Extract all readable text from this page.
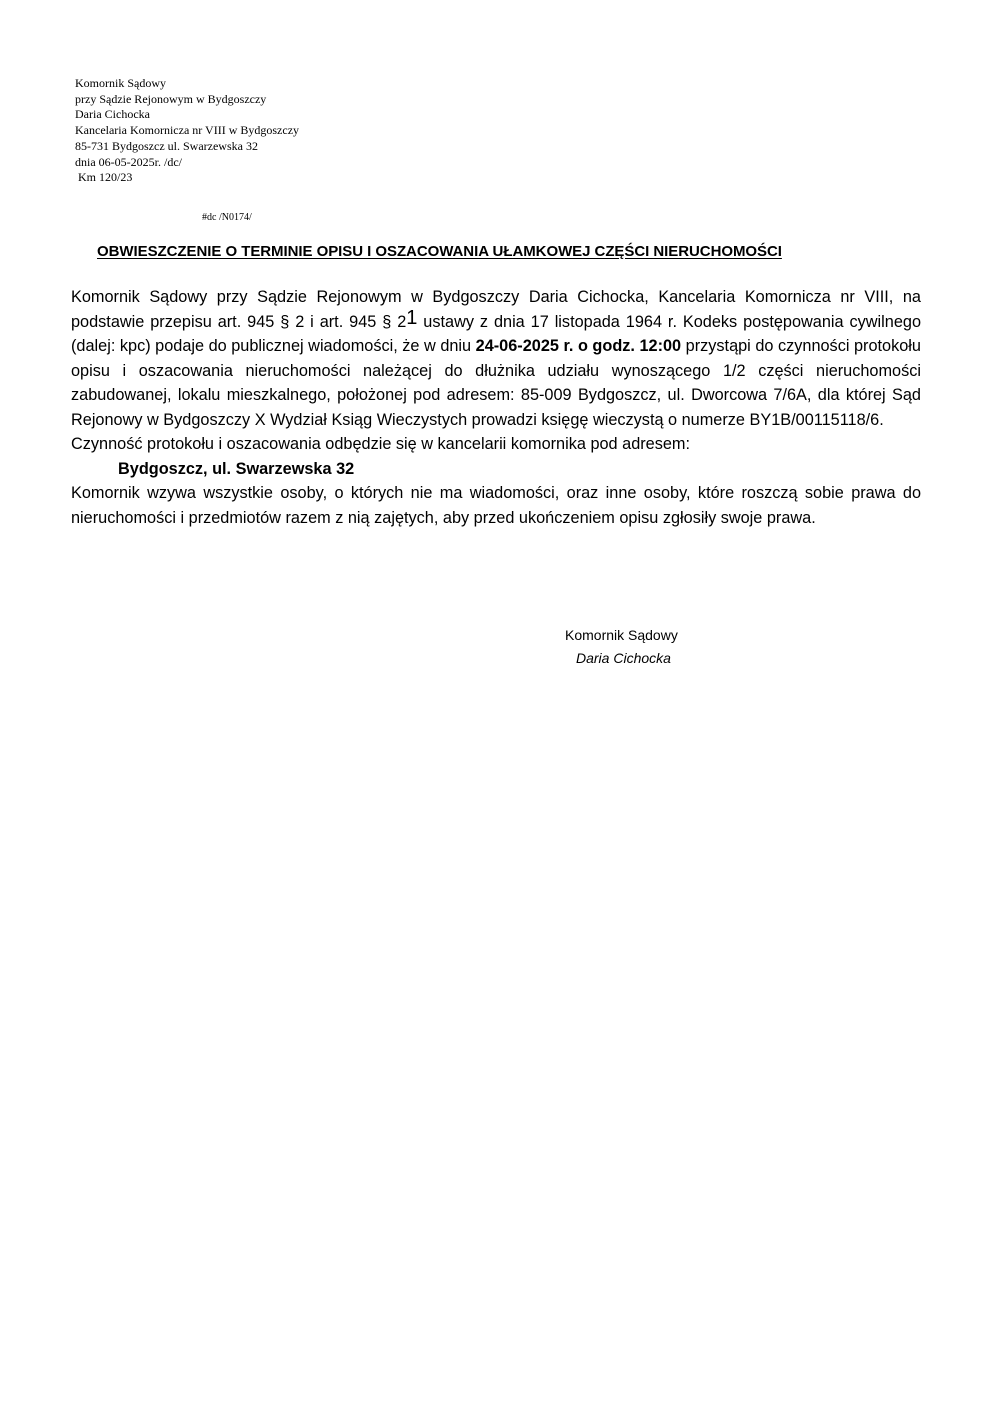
Komornik Sądowy
przy Sądzie Rejonowym w Bydgoszczy
Daria Cichocka
Kancelaria Komornicza nr VIII w Bydgoszczy
85-731 Bydgoszcz ul. Swarzewska 32
dnia 06-05-2025r. /dc/
Km 120/23
#dc /N0174/
OBWIESZCZENIE O TERMINIE OPISU I OSZACOWANIA UŁAMKOWEJ CZĘŚCI NIERUCHOMOŚCI

Komornik Sądowy przy Sądzie Rejonowym w Bydgoszczy Daria Cichocka, Kancelaria Komornicza nr VIII, na podstawie przepisu art. 945 § 2 i art. 945 § $2^1$ ustawy z dnia 17 listopada 1964 r. Kodeks postępowania cywilnego (dalej: kpc) podaje do publicznej wiadomości, że w dniu 24-06-2025 r. o godz. 12:00 przystąpi do czynności protokołu opisu i oszacowania nieruchomości należącej do dłużnika udziału wynoszącego 1/2 części nieruchomości zabudowanej, lokalu mieszkalnego, położonej pod adresem: 85-009 Bydgoszcz, ul. Dworcowa 7/6A, dla której Sąd Rejonowy w Bydgoszczy X Wydział Ksiąg Wieczystych prowadzi księgę wieczystą o numerze BY1B/00115118/6.

Czynność protokołu i oszacowania odbędzie się w kancelarii komornika pod adresem:

Bydgoszcz, ul. Swarzewska 32

Komornik wzywa wszystkie osoby, o których nie ma wiadomości, oraz inne osoby, które roszczą sobie prawa do nieruchomości i przedmiotów razem z nią zajętych, aby przed ukończeniem opisu zgłosiły swoje prawa.

Komornik Sądowy
Daria Cichocka
